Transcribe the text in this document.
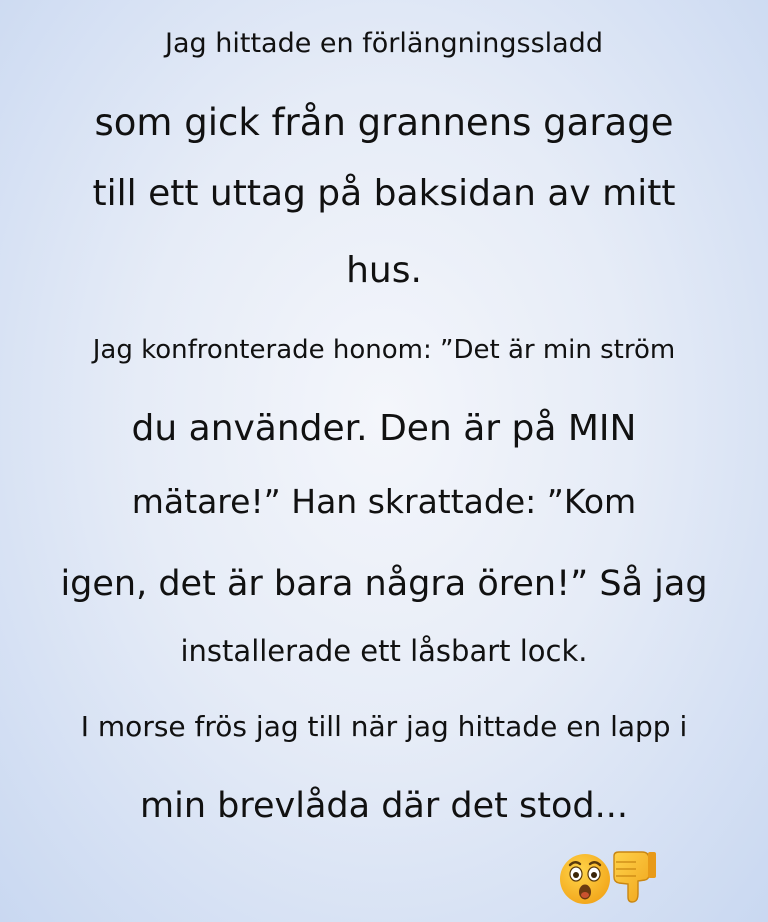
Jag hittade en förlängningssladd
som gick från grannens garage
till ett uttag på baksidan av mitt
hus.
Jag konfronterade honom: ”Det är min ström
du använder. Den är på MIN
mätare!” Han skrattade: ”Kom
igen, det är bara några ören!” Så jag
installerade ett låsbart lock.
I morse frös jag till när jag hittade en lapp i
min brevlåda där det stod...
